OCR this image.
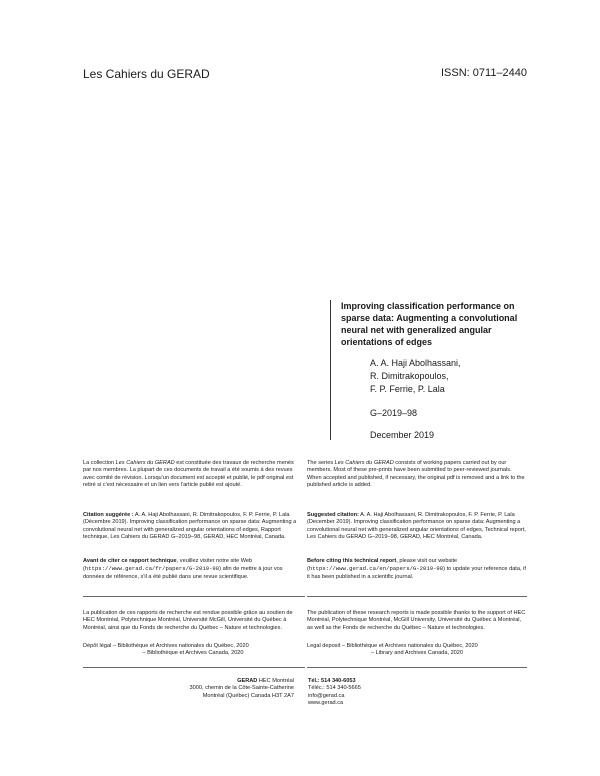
Les Cahiers du GERAD	ISSN: 0711–2440
Improving classification performance on sparse data: Augmenting a convolutional neural net with generalized angular orientations of edges
A. A. Haji Abolhassani,
R. Dimitrakopoulos,
F. P. Ferrie, P. Lala
G–2019–98
December 2019

La collection Les Cahiers du GERAD est constituée des travaux de recherche menés par nos membres. La plupart de ces documents de travail a été soumis à des revues avec comité de révision. Lorsqu'un document est accepté et publié, le pdf original est retiré si c'est nécessaire et un lien vers l'article publié est ajouté.

The series Les Cahiers du GERAD consists of working papers carried out by our members. Most of these pre-prints have been submitted to peer-reviewed journals. When accepted and published, if necessary, the original pdf is removed and a link to the published article is added.

Citation suggérée : A. A. Haji Abolhassani, R. Dimitrakopoulos, F. P. Ferrie, P. Lala (Décembre 2019). Improving classification performance on sparse data: Augmenting a convolutional neural net with generalized angular orientations of edges, Rapport technique, Les Cahiers du GERAD G–2019–98, GERAD, HEC Montréal, Canada.

Suggested citation: A. A. Haji Abolhassani, R. Dimitrakopoulos, F. P. Ferrie, P. Lala (December 2019). Improving classification performance on sparse data: Augmenting a convolutional neural net with generalized angular orientations of edges, Technical report, Les Cahiers du GERAD G–2019–98, GERAD, HEC Montréal, Canada.

Avant de citer ce rapport technique, veuillez visiter notre site Web (https://www.gerad.ca/fr/papers/G-2019-98) afin de mettre à jour vos données de référence, s'il a été publié dans une revue scientifique.

Before citing this technical report, please visit our website (https://www.gerad.ca/en/papers/G-2019-98) to update your reference data, if it has been published in a scientific journal.

La publication de ces rapports de recherche est rendue possible grâce au soutien de HEC Montréal, Polytechnique Montréal, Université McGill, Université du Québec à Montréal, ainsi que du Fonds de recherche du Québec – Nature et technologies.
The publication of these research reports is made possible thanks to the support of HEC Montréal, Polytechnique Montréal, McGill University, Université du Québec à Montréal, as well as the Fonds de recherche du Québec – Nature et technologies.
Dépôt légal – Bibliothèque et Archives nationales du Québec, 2020
– Bibliothèque et Archives Canada, 2020
Legal deposit – Bibliothèque et Archives nationales du Québec, 2020
– Library and Archives Canada, 2020
GERAD HEC Montréal
3000, chemin de la Côte-Sainte-Catherine
Montréal (Québec) Canada H3T 2A7
Tél.: 514 340-6053
Téléc.: 514 340-5665
info@gerad.ca
www.gerad.ca
